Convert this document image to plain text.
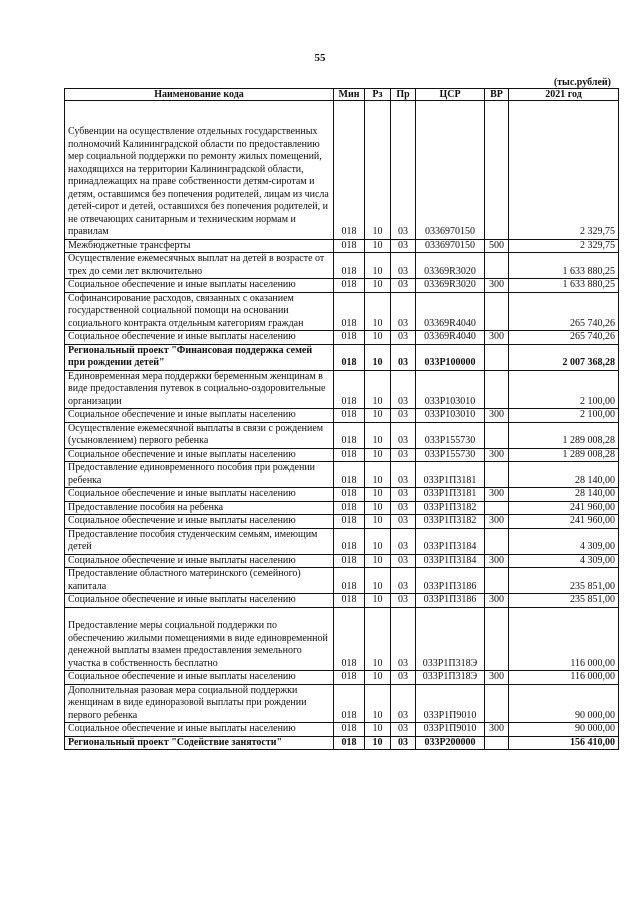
55
(тыс.рублей)
Наименование кода	Мин	Рз	Пр	ЦСР	ВР	2021 год
Субвенции на осуществление отдельных государственных полномочий Калининградской области по предоставлению мер социальной поддержки по ремонту жилых помещений, находящихся на территории Калининградской области, принадлежащих на праве собственности детям-сиротам и детям, оставшимся без попечения родителей, лицам из числа детей-сирот и детей, оставшихся без попечения родителей, и не отвечающих санитарным и техническим нормам и правилам	018	10	03	0336970150		2 329,75
Межбюджетные трансферты	018	10	03	0336970150	500	2 329,75
Осуществление ежемесячных выплат на детей в возрасте от трех до семи лет включительно	018	10	03	03369R3020		1 633 880,25
Социальное обеспечение и иные выплаты населению	018	10	03	03369R3020	300	1 633 880,25
Софинансирование расходов, связанных с оказанием государственной социальной помощи на основании социального контракта отдельным категориям граждан	018	10	03	03369R4040		265 740,26
Социальное обеспечение и иные выплаты населению	018	10	03	03369R4040	300	265 740,26
Региональный проект "Финансовая поддержка семей при рождении детей"	018	10	03	033P100000		2 007 368,28
Единовременная мера поддержки беременным женщинам в виде предоставления путевок в социально-оздоровительные организации	018	10	03	033P103010		2 100,00
Социальное обеспечение и иные выплаты населению	018	10	03	033P103010	300	2 100,00
Осуществление ежемесячной выплаты в связи с рождением (усыновлением) первого ребенка	018	10	03	033P155730		1 289 008,28
Социальное обеспечение и иные выплаты населению	018	10	03	033P155730	300	1 289 008,28
Предоставление единовременного пособия при рождении ребенка	018	10	03	033P1П3181		28 140,00
Социальное обеспечение и иные выплаты населению	018	10	03	033P1П3181	300	28 140,00
Предоставление пособия на ребенка	018	10	03	033P1П3182		241 960,00
Социальное обеспечение и иные выплаты населению	018	10	03	033P1П3182	300	241 960,00
Предоставление пособия студенческим семьям, имеющим детей	018	10	03	033P1П3184		4 309,00
Социальное обеспечение и иные выплаты населению	018	10	03	033P1П3184	300	4 309,00
Предоставление областного материнского (семейного) капитала	018	10	03	033P1П3186		235 851,00
Социальное обеспечение и иные выплаты населению	018	10	03	033P1П3186	300	235 851,00
Предоставление меры социальной поддержки по обеспечению жилыми помещениями в виде единовременной денежной выплаты взамен предоставления земельного участка в собственность бесплатно	018	10	03	033P1П318Э		116 000,00
Социальное обеспечение и иные выплаты населению	018	10	03	033P1П318Э	300	116 000,00
Дополнительная разовая мера социальной поддержки женщинам в виде единоразовой выплаты при рождении первого ребенка	018	10	03	033P1П9010		90 000,00
Социальное обеспечение и иные выплаты населению	018	10	03	033P1П9010	300	90 000,00
Региональный проект "Содействие занятости"	018	10	03	033P200000		156 410,00
